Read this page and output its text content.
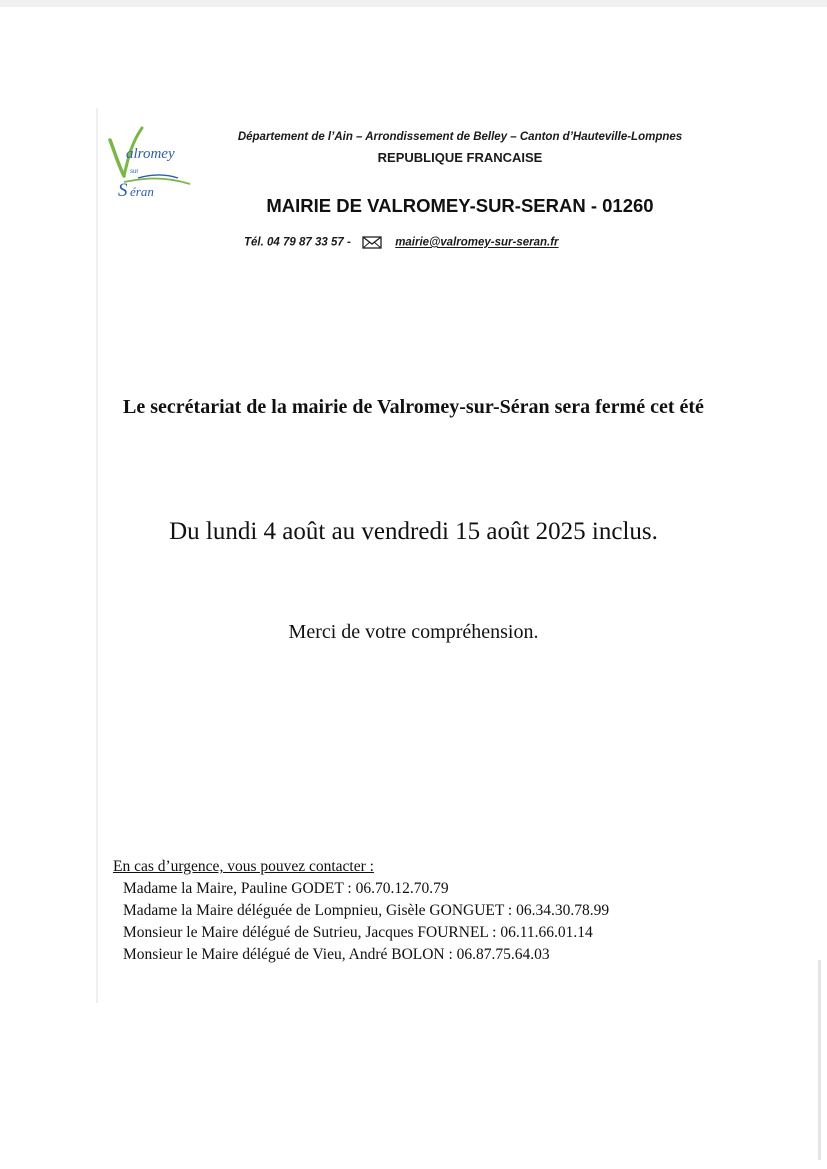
alromey
sur
S éran
Département de l’Ain – Arrondissement de Belley – Canton d’Hauteville-Lompnes
REPUBLIQUE FRANCAISE
MAIRIE DE VALROMEY-SUR-SERAN - 01260
Tél. 04 79 87 33 57 -	mairie@valromey-sur-seran.fr
Le secrétariat de la mairie de Valromey-sur-Séran sera fermé cet été
Du lundi 4 août au vendredi 15 août 2025 inclus.
Merci de votre compréhension.
En cas d’urgence, vous pouvez contacter :
Madame la Maire, Pauline GODET : 06.70.12.70.79
Madame la Maire déléguée de Lompnieu, Gisèle GONGUET : 06.34.30.78.99
Monsieur le Maire délégué de Sutrieu, Jacques FOURNEL : 06.11.66.01.14
Monsieur le Maire délégué de Vieu, André BOLON : 06.87.75.64.03
